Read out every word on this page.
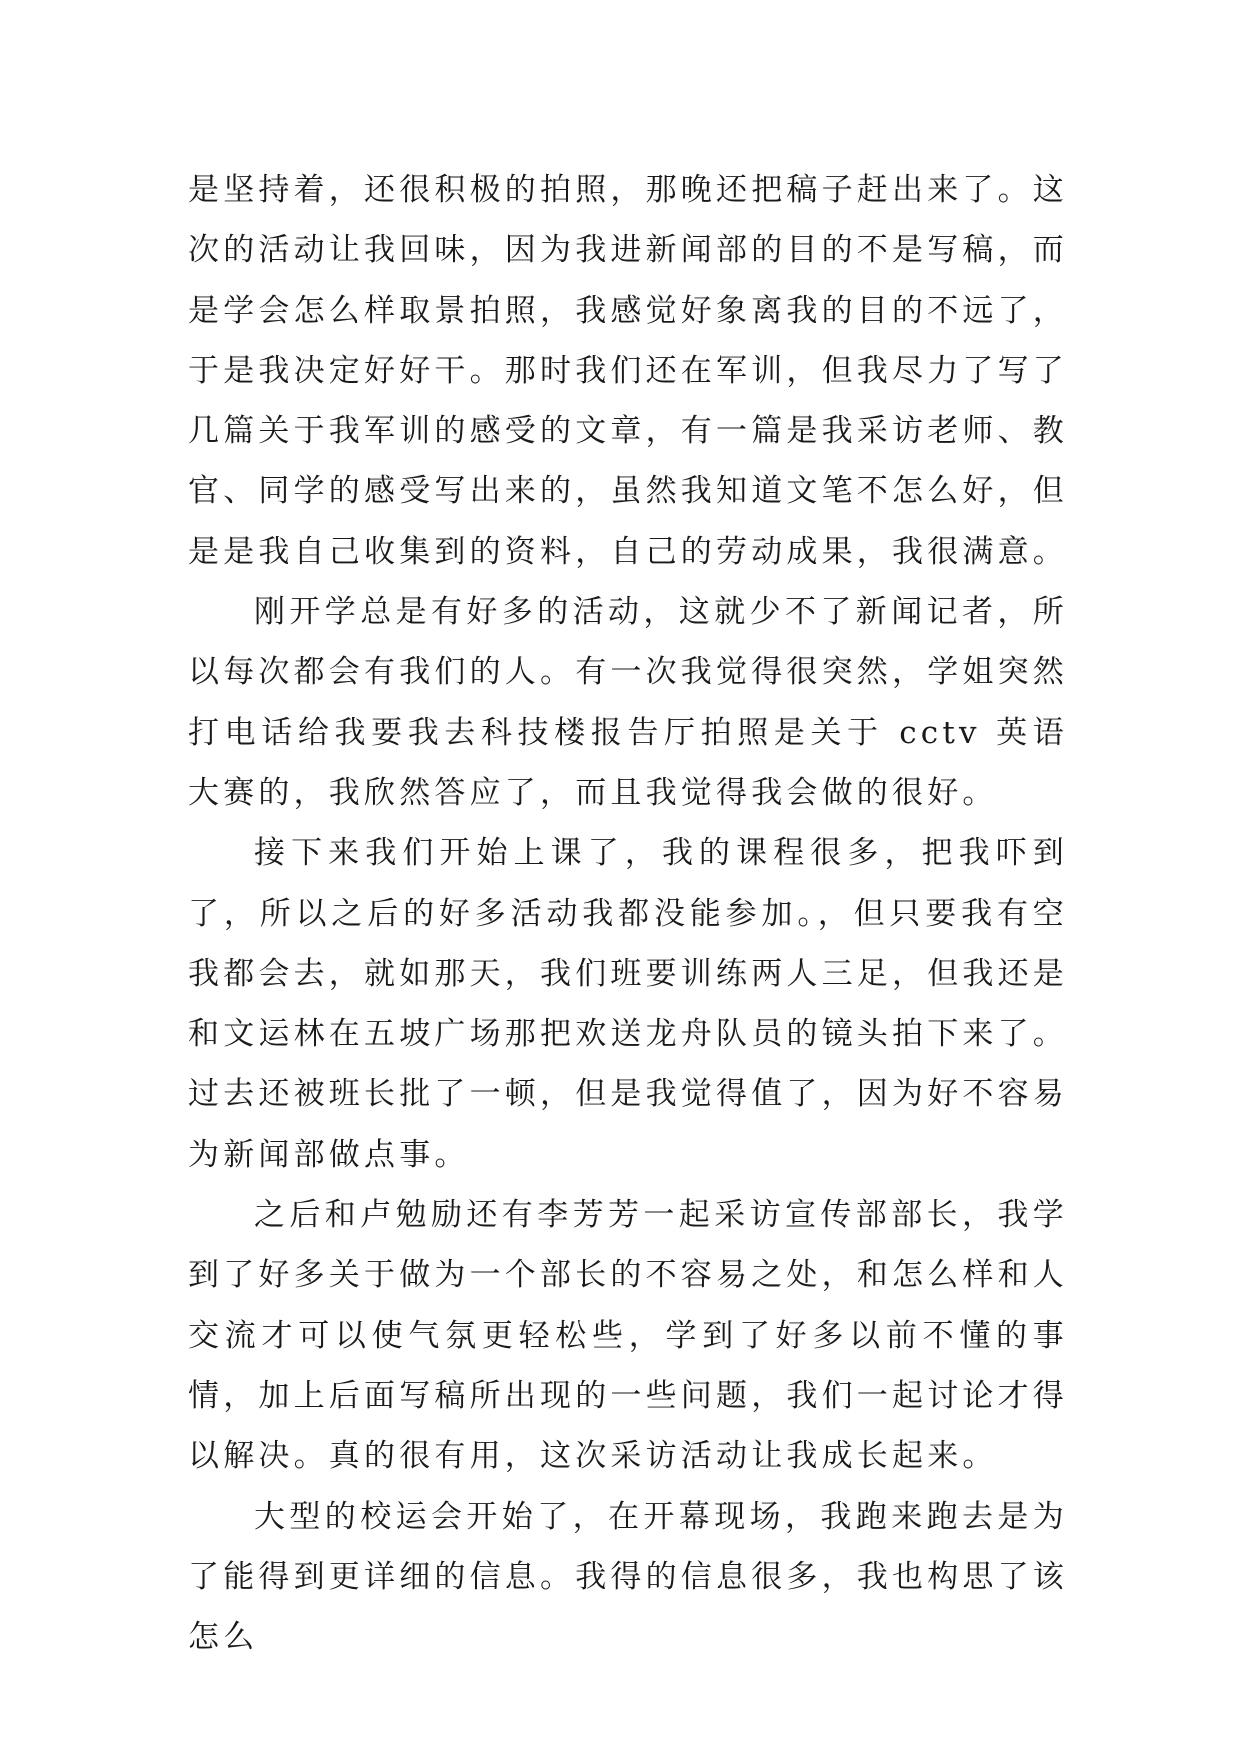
是坚持着，还很积极的拍照，那晚还把稿子赶出来了。这次的活动让我回味，因为我进新闻部的目的不是写稿，而是学会怎么样取景拍照，我感觉好象离我的目的不远了，于是我决定好好干。那时我们还在军训，但我尽力了写了几篇关于我军训的感受的文章，有一篇是我采访老师、教官、同学的感受写出来的，虽然我知道文笔不怎么好，但是是我自己收集到的资料，自己的劳动成果，我很满意。

刚开学总是有好多的活动，这就少不了新闻记者，所以每次都会有我们的人。有一次我觉得很突然，学姐突然打电话给我要我去科技楼报告厅拍照是关于 cctv 英语大赛的，我欣然答应了，而且我觉得我会做的很好。

接下来我们开始上课了，我的课程很多，把我吓到了，所以之后的好多活动我都没能参加。，但只要我有空我都会去，就如那天，我们班要训练两人三足，但我还是和文运林在五坡广场那把欢送龙舟队员的镜头拍下来了。过去还被班长批了一顿，但是我觉得值了，因为好不容易为新闻部做点事。

之后和卢勉励还有李芳芳一起采访宣传部部长，我学到了好多关于做为一个部长的不容易之处，和怎么样和人交流才可以使气氛更轻松些，学到了好多以前不懂的事情，加上后面写稿所出现的一些问题，我们一起讨论才得以解决。真的很有用，这次采访活动让我成长起来。

大型的校运会开始了，在开幕现场，我跑来跑去是为了能得到更详细的信息。我得的信息很多，我也构思了该怎么
